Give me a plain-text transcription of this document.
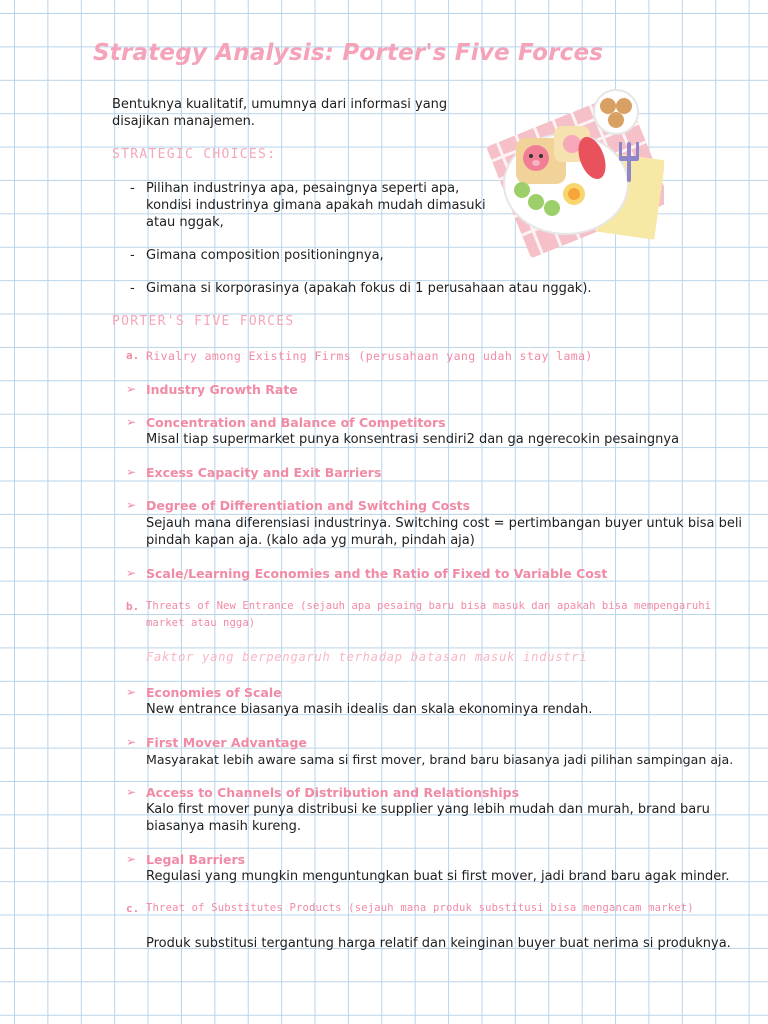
Strategy Analysis: Porter's Five Forces
Bentuknya kualitatif, umumnya dari informasi yang
disajikan manajemen.
STRATEGIC CHOICES:
- Pilihan industrinya apa, pesaingnya seperti apa,
kondisi industrinya gimana apakah mudah dimasuki
atau nggak,
- Gimana composition positioningnya,
- Gimana si korporasinya (apakah fokus di 1 perusahaan atau nggak).
PORTER'S FIVE FORCES
a. Rivalry among Existing Firms (perusahaan yang udah stay lama)
➢ Industry Growth Rate
➢ Concentration and Balance of Competitors
Misal tiap supermarket punya konsentrasi sendiri2 dan ga ngerecokin pesaingnya
➢ Excess Capacity and Exit Barriers
➢ Degree of Differentiation and Switching Costs
Sejauh mana diferensiasi industrinya. Switching cost = pertimbangan buyer untuk bisa beli
pindah kapan aja. (kalo ada yg murah, pindah aja)
➢ Scale/Learning Economies and the Ratio of Fixed to Variable Cost
b. Threats of New Entrance (sejauh apa pesaing baru bisa masuk dan apakah bisa mempengaruhi
market atau ngga)
Faktor yang berpengaruh terhadap batasan masuk industri
➢ Economies of Scale
New entrance biasanya masih idealis dan skala ekonominya rendah.
➢ First Mover Advantage
Masyarakat lebih aware sama si first mover, brand baru biasanya jadi pilihan sampingan aja.
➢ Access to Channels of Distribution and Relationships
Kalo first mover punya distribusi ke supplier yang lebih mudah dan murah, brand baru
biasanya masih kureng.
➢ Legal Barriers
Regulasi yang mungkin menguntungkan buat si first mover, jadi brand baru agak minder.
c. Threat of Substitutes Products (sejauh mana produk substitusi bisa mengancam market)
Produk substitusi tergantung harga relatif dan keinginan buyer buat nerima si produknya.
